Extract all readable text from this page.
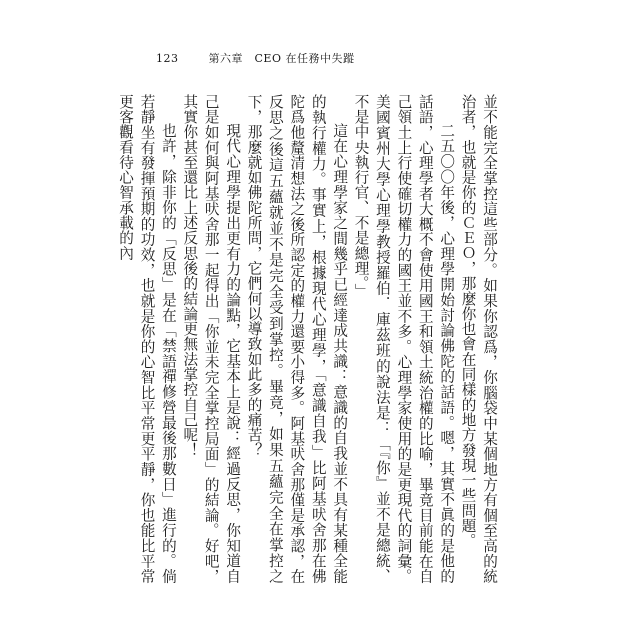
123	第六章　CEO 在任務中失蹤

並不能完全掌控這些部分。如果你認爲，你腦袋中某個地方有個至高的統治者，也就是你的ＣＥＯ，那麼你也會在同樣的地方發現一些問題。

二五〇〇年後，心理學開始討論佛陀的話語。嗯，其實不眞的是他的話語，心理學者大概不會使用國王和領土統治權的比喻，畢竟目前能在自己領土上行使確切權力的國王並不多。心理學家使用的是更現代的詞彙。美國賓州大學心理學教授羅伯．庫茲班的說法是：「『你』並不是總統、不是中央執行官、不是總理。」

這在心理學家之間幾乎已經達成共識：意識的自我並不具有某種全能的執行權力。事實上，根據現代心理學，「意識自我」比阿基吠舍那在佛陀爲他釐清想法之後所認定的權力還要小得多。阿基吠舍那僅是承認，在反思之後這五蘊就並不是完全受到掌控。畢竟，如果五蘊完全在掌控之下，那麼就如佛陀所問，它們何以導致如此多的痛苦？

現代心理學提出更有力的論點，它基本上是說：經過反思，你知道自己是如何與阿基吠舍那一起得出「你並未完全掌控局面」的結論。好吧，其實你甚至還比上述反思後的結論更無法掌控自己呢！

也許，除非你的「反思」是在「禁語禪修營最後那數日」進行的。倘若靜坐有發揮預期的功效，也就是你的心智比平常更平靜，你也能比平常更客觀看待心智承載的內
